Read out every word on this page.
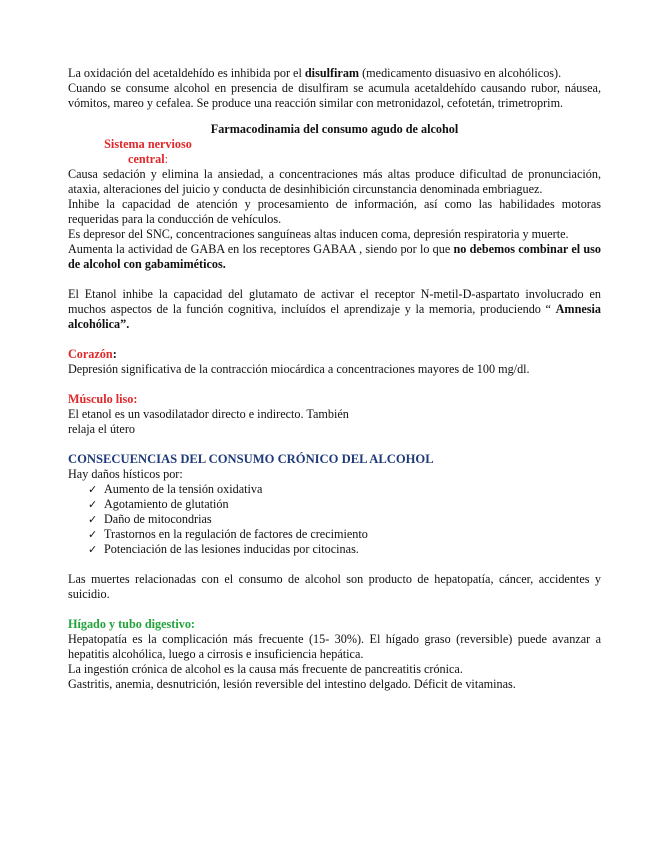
La oxidación del acetaldehído es inhibida por el disulfiram (medicamento disuasivo en alcohólicos).

Cuando se consume alcohol en presencia de disulfiram se acumula acetaldehído causando rubor, náusea, vómitos, mareo y cefalea. Se produce una reacción similar con metronidazol, cefotetán, trimetroprim.

Farmacodinamia del consumo agudo de alcohol

Sistema nervioso
central:

Causa sedación y elimina la ansiedad, a concentraciones más altas produce dificultad de pronunciación, ataxia, alteraciones del juicio y conducta de desinhibición circunstancia denominada embriaguez.

Inhibe la capacidad de atención y procesamiento de información, así como las habilidades motoras requeridas para la conducción de vehículos.

Es depresor del SNC, concentraciones sanguíneas altas inducen coma, depresión respiratoria y muerte.

Aumenta la actividad de GABA en los receptores GABAA , siendo por lo que no debemos combinar el uso de alcohol con gabamiméticos.

El Etanol inhibe la capacidad del glutamato de activar el receptor N-metil-D-aspartato involucrado en muchos aspectos de la función cognitiva, incluídos el aprendizaje y la memoria, produciendo “ Amnesia alcohólica”.

Corazón:

Depresión significativa de la contracción miocárdica a concentraciones mayores de 100 mg/dl.

Músculo liso:

El etanol es un vasodilatador directo e indirecto. También

relaja el útero

CONSECUENCIAS DEL CONSUMO CRÓNICO DEL ALCOHOL

Hay daños hísticos por:

✓ Aumento de la tensión oxidativa
✓ Agotamiento de glutatión
✓ Daño de mitocondrias
✓ Trastornos en la regulación de factores de crecimiento
✓ Potenciación de las lesiones inducidas por citocinas.

Las muertes relacionadas con el consumo de alcohol son producto de hepatopatía, cáncer, accidentes y suicidio.

Hígado y tubo digestivo:

Hepatopatía es la complicación más frecuente (15- 30%). El hígado graso (reversible) puede avanzar a hepatitis alcohólica, luego a cirrosis e insuficiencia hepática.

La ingestión crónica de alcohol es la causa más frecuente de pancreatitis crónica.

Gastritis, anemia, desnutrición, lesión reversible del intestino delgado. Déficit de vitaminas.
